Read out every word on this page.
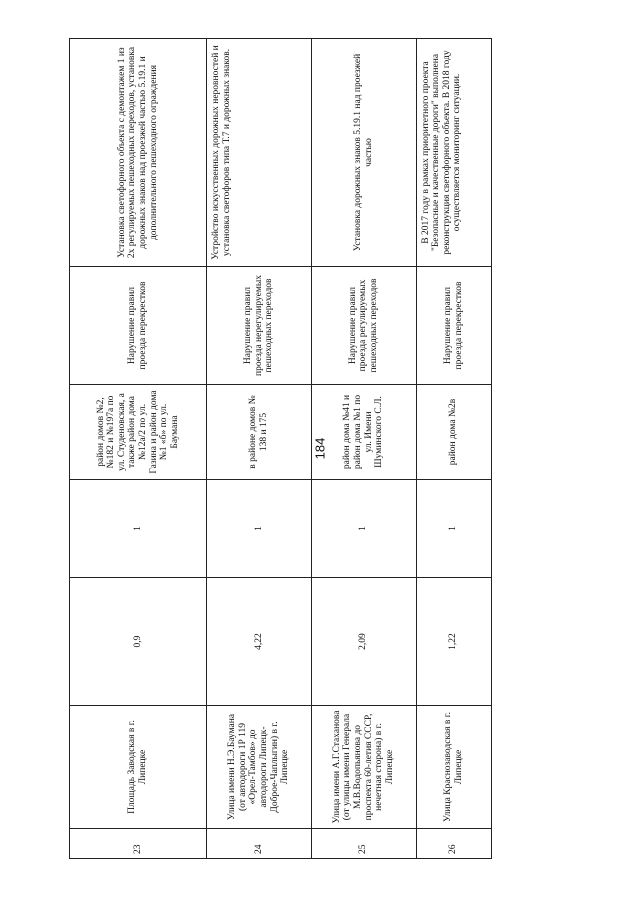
184
23	Площадь Заводская в г. Липецке	0,9	1	район домов №2, №182 и №197а по ул. Студеновская, а также район дома №12а/2 по ул. Газина и район дома №1 «б» по ул. Баумана	Нарушение правил проезда перекрестков	Установка светофорного объекта с демонтажем 1 из 2х регулируемых пешеходных переходов, установка дорожных знаков над проезжей частью 5.19.1 и дополнительного пешеходного ограждения
24	Улица имени Н.Э.Баумана (от автодороги 1Р 119 «Орел-Тамбов» до автодороги Липецк-Доброе-Чаплыгин) в г. Липецке	4,22	1	в районе домов № 138 и 175	Нарушение правил проезда нерегулируемых пешеходных переходов	Устройство искусственных дорожных неровностей и установка светофоров типа Т.7 и дорожных знаков.
25	Улица имени А.Г.Стаханова (от улицы имени Генерала М.В.Водопьянова до проспекта 60-летия СССР, нечетная сторона) в г. Липецке	2,09	1	район дома №41 и район дома №1 по ул. Имени Шуминского С.Л.	Нарушение правил проезда регулируемых пешеходных переходов	Установка дорожных знаков 5.19.1 над проезжей частью
26	Улица Краснозаводская в г. Липецке	1,22	1	район дома №2в	Нарушение правил проезда перекрестков	В 2017 году в рамках приоритетного проекта "Безопасные и качественные дороги" выполнена реконструкция светофорного объекта. В 2018 году осуществляется мониторинг ситуации.
